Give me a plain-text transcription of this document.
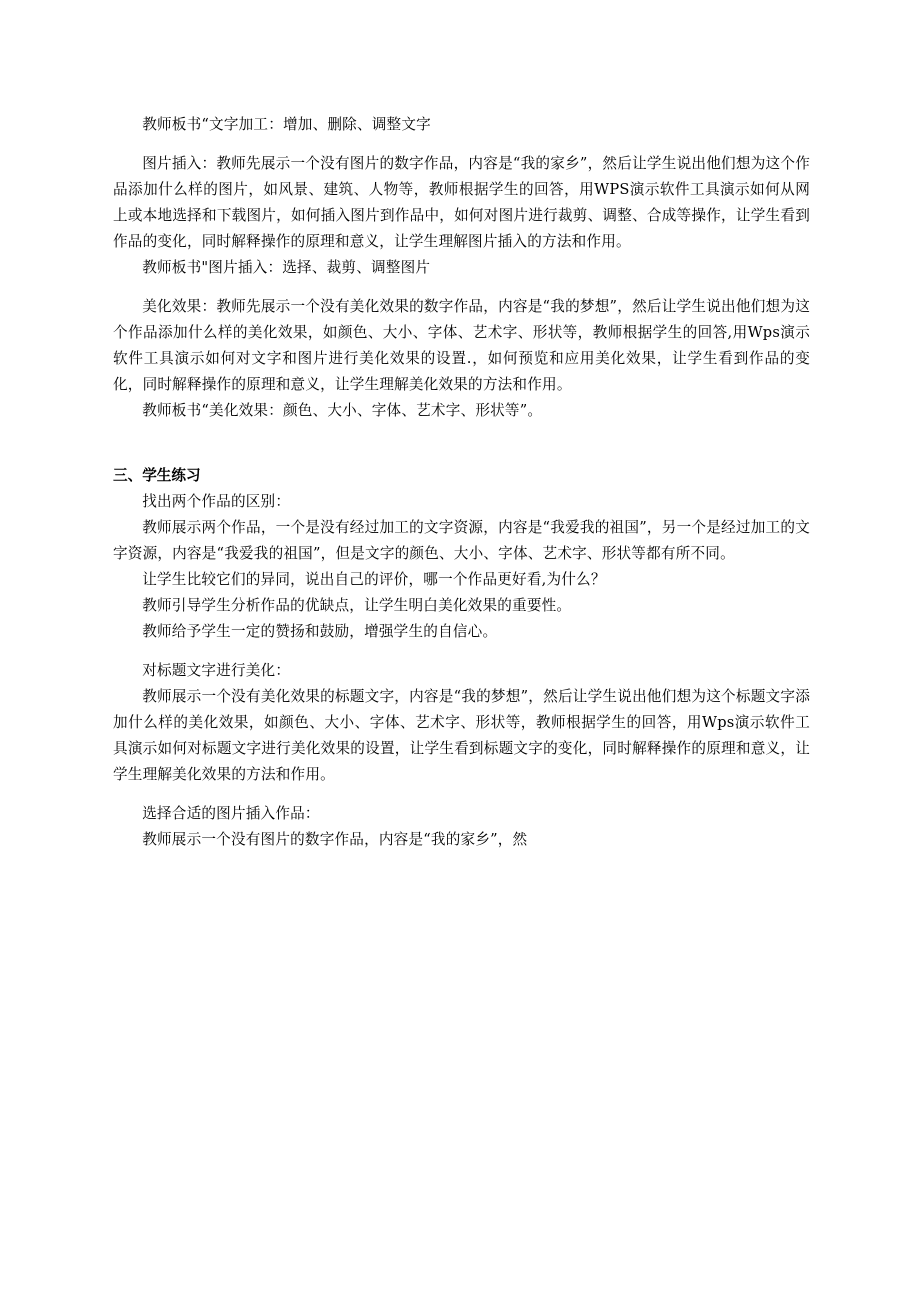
教师板书“文字加工：增加、删除、调整文字

图片插入：教师先展示一个没有图片的数字作品，内容是“我的家乡”，然后让学生说出他们想为这个作品添加什么样的图片，如风景、建筑、人物等，教师根据学生的回答，用WPS演示软件工具演示如何从网上或本地选择和下载图片，如何插入图片到作品中，如何对图片进行裁剪、调整、合成等操作，让学生看到作品的变化，同时解释操作的原理和意义，让学生理解图片插入的方法和作用。

教师板书"图片插入：选择、裁剪、调整图片

美化效果：教师先展示一个没有美化效果的数字作品，内容是“我的梦想”，然后让学生说出他们想为这个作品添加什么样的美化效果，如颜色、大小、字体、艺术字、形状等，教师根据学生的回答,用Wps演示软件工具演示如何对文字和图片进行美化效果的设置.，如何预览和应用美化效果，让学生看到作品的变化，同时解释操作的原理和意义，让学生理解美化效果的方法和作用。

教师板书“美化效果：颜色、大小、字体、艺术字、形状等”。

三、学生练习

找出两个作品的区别：

教师展示两个作品，一个是没有经过加工的文字资源，内容是“我爱我的祖国”，另一个是经过加工的文字资源，内容是“我爱我的祖国”，但是文字的颜色、大小、字体、艺术字、形状等都有所不同。

让学生比较它们的异同，说出自己的评价，哪一个作品更好看,为什么？

教师引导学生分析作品的优缺点，让学生明白美化效果的重要性。

教师给予学生一定的赞扬和鼓励，增强学生的自信心。

对标题文字进行美化：

教师展示一个没有美化效果的标题文字，内容是“我的梦想”，然后让学生说出他们想为这个标题文字添加什么样的美化效果，如颜色、大小、字体、艺术字、形状等，教师根据学生的回答，用Wps演示软件工具演示如何对标题文字进行美化效果的设置，让学生看到标题文字的变化，同时解释操作的原理和意义，让学生理解美化效果的方法和作用。

选择合适的图片插入作品：

教师展示一个没有图片的数字作品，内容是“我的家乡”，然
